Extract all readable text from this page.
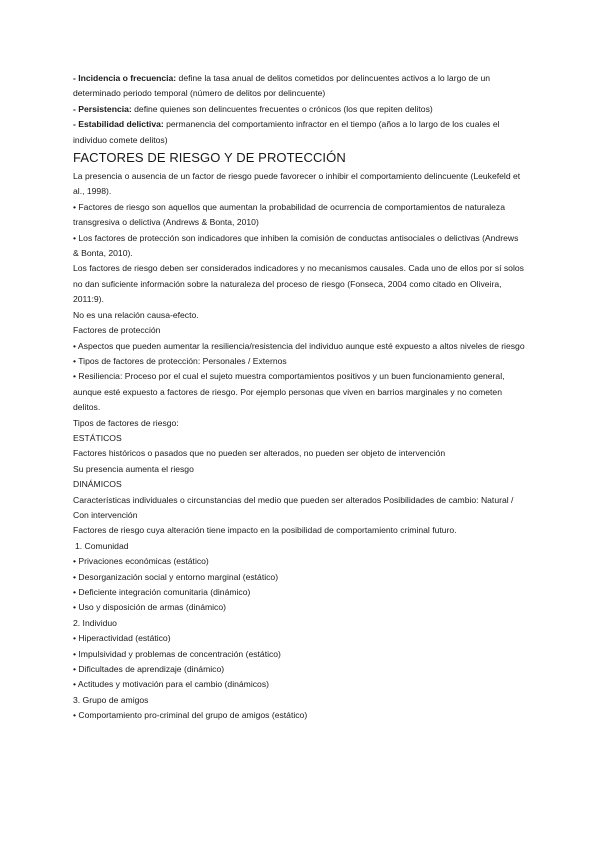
- Incidencia o frecuencia: define la tasa anual de delitos cometidos por delincuentes activos a lo largo de un determinado periodo temporal (número de delitos por delincuente)

- Persistencia: define quienes son delincuentes frecuentes o crónicos (los que repiten delitos)

- Estabilidad delictiva: permanencia del comportamiento infractor en el tiempo (años a lo largo de los cuales el individuo comete delitos)

FACTORES DE RIESGO Y DE PROTECCIÓN

La presencia o ausencia de un factor de riesgo puede favorecer o inhibir el comportamiento delincuente (Leukefeld et al., 1998).

• Factores de riesgo son aquellos que aumentan la probabilidad de ocurrencia de comportamientos de naturaleza transgresiva o delictiva (Andrews & Bonta, 2010)

• Los factores de protección son indicadores que inhiben la comisión de conductas antisociales o delictivas (Andrews & Bonta, 2010).

Los factores de riesgo deben ser considerados indicadores y no mecanismos causales. Cada uno de ellos por sí solos no dan suficiente información sobre la naturaleza del proceso de riesgo (Fonseca, 2004 como citado en Oliveira, 2011:9).

No es una relación causa-efecto.

Factores de protección

• Aspectos que pueden aumentar la resiliencia/resistencia del individuo aunque esté expuesto a altos niveles de riesgo

• Tipos de factores de protección: Personales / Externos

• Resiliencia: Proceso por el cual el sujeto muestra comportamientos positivos y un buen funcionamiento general, aunque esté expuesto a factores de riesgo. Por ejemplo personas que viven en barrios marginales y no cometen delitos.

Tipos de factores de riesgo:

ESTÁTICOS

Factores históricos o pasados que no pueden ser alterados, no pueden ser objeto de intervención

Su presencia aumenta el riesgo

DINÁMICOS

Características individuales o circunstancias del medio que pueden ser alterados Posibilidades de cambio: Natural / Con intervención

Factores de riesgo cuya alteración tiene impacto en la posibilidad de comportamiento criminal futuro.

1. Comunidad

• Privaciones económicas (estático)

• Desorganización social y entorno marginal (estático)

• Deficiente integración comunitaria (dinámico)

• Uso y disposición de armas (dinámico)

2. Individuo

• Hiperactividad (estático)

• Impulsividad y problemas de concentración (estático)

• Dificultades de aprendizaje (dinámico)

• Actitudes y motivación para el cambio (dinámicos)

3. Grupo de amigos

• Comportamiento pro-criminal del grupo de amigos (estático)
